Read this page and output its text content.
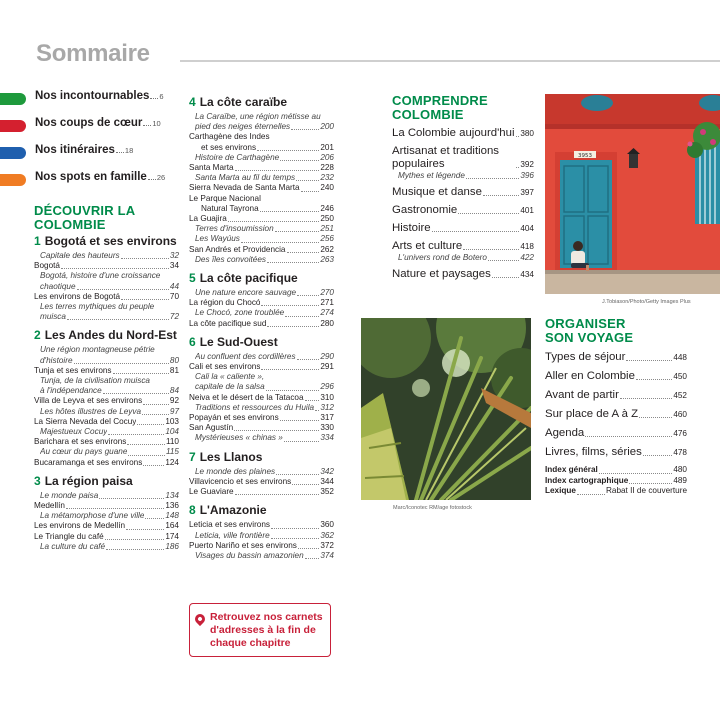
Sommaire
Nos incontournables 6
Nos coups de cœur 10
Nos itinéraires 18
Nos spots en famille 26
DÉCOUVRIR LA COLOMBIE
1 Bogotá et ses environs
Capitale des hauteurs	32
Bogotá	34
Bogotá, histoire d'une croissance
chaotique	44
Les environs de Bogotá	70
Les terres mythiques du peuple
muisca	72
2 Les Andes du Nord-Est
Une région montagneuse pétrie
d'histoire	80
Tunja et ses environs	81
Tunja, de la civilisation muisca
à l'indépendance	84
Villa de Leyva et ses environs	92
Les hôtes illustres de Leyva	97
La Sierra Nevada del Cocuy	103
Majestueux Cocuy	104
Barichara et ses environs	110
Au cœur du pays guane	115
Bucaramanga et ses environs	124
3 La région paisa
Le monde paisa	134
Medellín	136
La métamorphose d'une ville	148
Les environs de Medellín	164
Le Triangle du café	174
La culture du café	186
4 La côte caraïbe
La Caraïbe, une région métisse au
pied des neiges éternelles	200
Carthagène des Indes
et ses environs	201
Histoire de Carthagène	206
Santa Marta	228
Santa Marta au fil du temps	232
Sierra Nevada de Santa Marta	240
Le Parque Nacional
Natural Tayrona	246
La Guajira	250
Terres d'insoumission	251
Les Wayúus	256
San Andrés et Providencia	262
Des îles convoitées	263
5 La côte pacifique
Une nature encore sauvage	270
La région du Chocó	271
Le Chocó, zone troublée	274
La côte pacifique sud	280
6 Le Sud-Ouest
Au confluent des cordillères	290
Cali et ses environs	291
Cali la « caliente »,
capitale de la salsa	296
Neiva et le désert de la Tatacoa 310
Traditions et ressources du Huila 312
Popayán et ses environs	317
San Agustín	330
Mystérieuses « chinas »	334
7 Les Llanos
Le monde des plaines	342
Villavicencio et ses environs	344
Le Guaviare	352
8 L'Amazonie
Leticia et ses environs	360
Leticia, ville frontière	362
Puerto Nariño et ses environs	372
Visages du bassin amazonien 374
Retrouvez nos carnets d'adresses à la fin de chaque chapitre
COMPRENDRE COLOMBIE
La Colombie aujourd'hui 380
Artisanat et traditions populaires	392
Mythes et légende	396
Musique et danse	397
Gastronomie	401
Histoire	404
Arts et culture	418
L'univers rond de Botero	422
Nature et paysages	434
3953
J.Tobiason/Photo/Getty Images Plus
Marc/Iconotec RM/age fotostock
ORGANISER SON VOYAGE
Types de séjour	448
Aller en Colombie	450
Avant de partir	452
Sur place de A à Z	460
Agenda	476
Livres, films, séries	478
Index général	480
Index cartographique	489
Lexique	Rabat II de couverture
